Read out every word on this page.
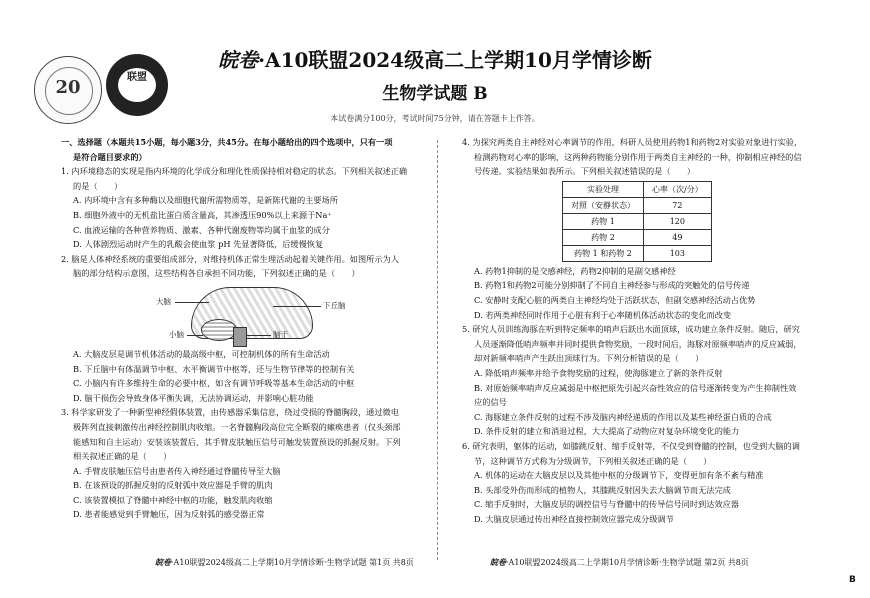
20	联盟
皖卷·A10联盟2024级高二上学期10月学情诊断
生物学试题 B
本试卷满分100分，考试时间75分钟，请在答题卡上作答。

一、选择题（本题共15小题，每小题3分，共45分。在每小题给出的四个选项中，只有一项

是符合题目要求的）

1. 内环境稳态的实现是指内环境的化学成分和理化性质保持相对稳定的状态。下列相关叙述正确

的是（　　）

A. 内环境中含有多种酶以及细胞代谢所需物质等，是新陈代谢的主要场所

B. 细胞外液中的无机盐比蛋白质含量高，其渗透压90%以上来源于Na⁺

C. 血液运输的各种营养物质、激素、各种代谢废物等均属于血浆的成分

D. 人体剧烈运动时产生的乳酸会使血浆 pH 先显著降低，后缓慢恢复

2. 脑是人体神经系统的重要组成部分，对维持机体正常生理活动起着关键作用。如图所示为人

脑的部分结构示意图，这些结构各自承担不同功能，下列叙述正确的是（　　）

大脑	下丘脑
小脑	脑干

A. 大脑皮层是调节机体活动的最高级中枢，可控制机体的所有生命活动

B. 下丘脑中有体温调节中枢、水平衡调节中枢等，还与生物节律等的控制有关

C. 小脑内有许多维持生命的必要中枢，如含有调节呼吸等基本生命活动的中枢

D. 脑干损伤会导致身体平衡失调，无法协调运动，并影响心脏功能

3. 科学家研发了一种新型神经假体装置，由传感器采集信息，绕过受损的脊髓胸段，通过微电

极阵列直接刺激传出神经控制肌肉收缩。一名脊髓胸段高位完全断裂的瘫痪患者（仅头颈部

能感知和自主运动）安装该装置后，其手臂皮肤触压信号可触发装置预设的抓握反射。下列

相关叙述正确的是（　　）

A. 手臂皮肤触压信号由患者传入神经通过脊髓传导至大脑

B. 在该预设的抓握反射的反射弧中效应器是手臂的肌肉

C. 该装置模拟了脊髓中神经中枢的功能，触发肌肉收缩

D. 患者能感觉到手臂触压，因为反射弧的感受器正常

4. 为探究两类自主神经对心率调节的作用，科研人员使用药物1和药物2对实验对象进行实验，

检测药物对心率的影响，这两种药物能分别作用于两类自主神经的一种，抑制相应神经的信

号传递。实验结果如表所示。下列相关叙述错误的是（　　）

实验处理	心率（次/分）
对照（安静状态）	72
药物 1	120
药物 2	49
药物 1 和药物 2	103

A. 药物1抑制的是交感神经，药物2抑制的是副交感神经

B. 药物1和药物2可能分别抑制了不同自主神经参与形成的突触处的信号传递

C. 安静时支配心脏的两类自主神经均处于活跃状态，但副交感神经活动占优势

D. 若两类神经同时作用于心脏有利于心率随机体活动状态的变化而改变

5. 研究人员训练海豚在听到特定频率的哨声后跃出水面顶球，成功建立条件反射。随后，研究

人员逐渐降低哨声频率并同时提供食物奖励，一段时间后，海豚对原频率哨声的反应减弱，

却对新频率哨声产生跃出顶球行为。下列分析错误的是（　　）

A. 降低哨声频率并给予食物奖励的过程，使海豚建立了新的条件反射

B. 对原始频率哨声反应减弱是中枢把原先引起兴奋性效应的信号逐渐转变为产生抑制性效

应的信号

C. 海豚建立条件反射的过程不涉及脑内神经递质的作用以及某些神经蛋白质的合成

D. 条件反射的建立和消退过程，大大提高了动物应对复杂环境变化的能力

6. 研究表明，躯体的运动，如膝跳反射、缩手反射等，不仅受到脊髓的控制，也受到大脑的调

节，这种调节方式称为分级调节，下列相关叙述正确的是（　　）

A. 机体的运动在大脑皮层以及其他中枢的分级调节下，变得更加有条不紊与精准

B. 头部受外伤而形成的植物人，其膝跳反射因失去大脑调节而无法完成

C. 缩手反射时，大脑皮层的调控信号与脊髓中的传导信号同时到达效应器

D. 大脑皮层通过传出神经直接控制效应器完成分级调节

皖卷·A10联盟2024级高二上学期10月学情诊断·生物学试题 第1页 共8页	皖卷·A10联盟2024级高二上学期10月学情诊断·生物学试题 第2页 共8页
B
